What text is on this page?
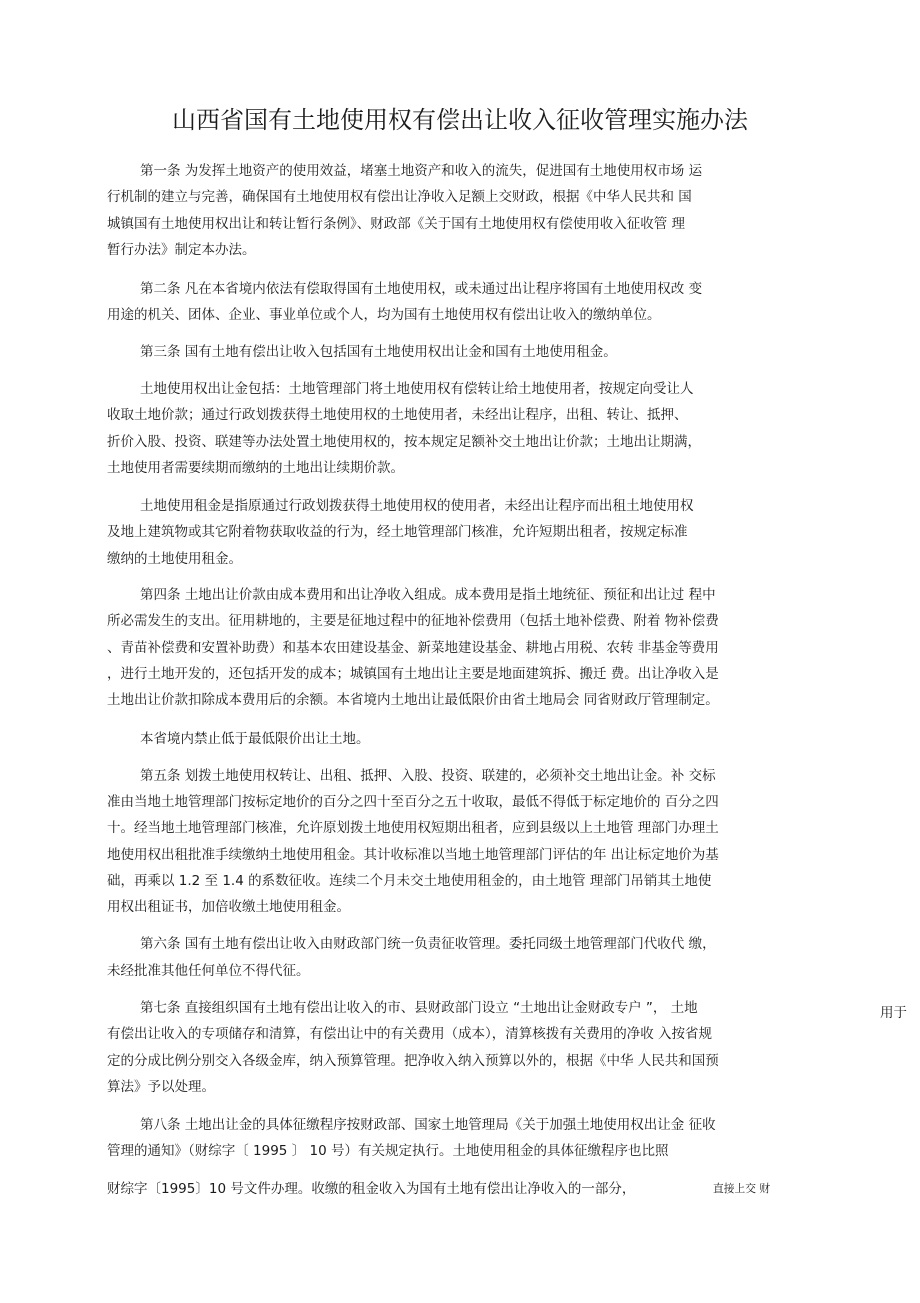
山西省国有土地使用权有偿出让收入征收管理实施办法
第一条 为发挥土地资产的使用效益，堵塞土地资产和收入的流失，促进国有土地使用权市场 运
行机制的建立与完善，确保国有土地使用权有偿出让净收入足额上交财政，根据《中华人民共和 国
城镇国有土地使用权出让和转让暂行条例》、财政部《关于国有土地使用权有偿使用收入征收管 理
暂行办法》制定本办法。
第二条 凡在本省境内依法有偿取得国有土地使用权，或未通过出让程序将国有土地使用权改 变
用途的机关、团体、企业、事业单位或个人，均为国有土地使用权有偿出让收入的缴纳单位。
第三条 国有土地有偿出让收入包括国有土地使用权出让金和国有土地使用租金。
土地使用权出让金包括：土地管理部门将土地使用权有偿转让给土地使用者，按规定向受让人
收取土地价款；通过行政划拨获得土地使用权的土地使用者，未经出让程序，出租、转让、抵押、
折价入股、投资、联建等办法处置土地使用权的，按本规定足额补交土地出让价款；土地出让期满，
土地使用者需要续期而缴纳的土地出让续期价款。
土地使用租金是指原通过行政划拨获得土地使用权的使用者，未经出让程序而出租土地使用权
及地上建筑物或其它附着物获取收益的行为，经土地管理部门核准，允许短期出租者，按规定标准
缴纳的土地使用租金。
第四条 土地出让价款由成本费用和出让净收入组成。成本费用是指土地统征、预征和出让过 程中
所必需发生的支出。征用耕地的，主要是征地过程中的征地补偿费用（包括土地补偿费、附着 物补偿费
、青苗补偿费和安置补助费）和基本农田建设基金、新菜地建设基金、耕地占用税、农转 非基金等费用
，进行土地开发的，还包括开发的成本；城镇国有土地出让主要是地面建筑拆、搬迁 费。出让净收入是
土地出让价款扣除成本费用后的余额。本省境内土地出让最低限价由省土地局会 同省财政厅管理制定。
本省境内禁止低于最低限价出让土地。
第五条 划拨土地使用权转让、出租、抵押、入股、投资、联建的，必须补交土地出让金。补 交标
准由当地土地管理部门按标定地价的百分之四十至百分之五十收取，最低不得低于标定地价的 百分之四
十。经当地土地管理部门核准，允许原划拨土地使用权短期出租者，应到县级以上土地管 理部门办理土
地使用权出租批准手续缴纳土地使用租金。其计收标准以当地土地管理部门评估的年 出让标定地价为基
础，再乘以 1.2 至 1.4 的系数征收。连续二个月未交土地使用租金的，由土地管 理部门吊销其土地使
用权出租证书，加倍收缴土地使用租金。
第六条 国有土地有偿出让收入由财政部门统一负责征收管理。委托同级土地管理部门代收代 缴，
未经批准其他任何单位不得代征。
第七条 直接组织国有土地有偿出让收入的市、县财政部门设立 “土地出让金财政专户 ”， 土地	用于
有偿出让收入的专项储存和清算，有偿出让中的有关费用（成本），清算核拨有关费用的净收 入按省规
定的分成比例分别交入各级金库，纳入预算管理。把净收入纳入预算以外的，根据《中华 人民共和国预
算法》予以处理。
第八条 土地出让金的具体征缴程序按财政部、国家土地管理局《关于加强土地使用权出让金 征收
管理的通知》（财综字〔 1995 〕 10 号）有关规定执行。土地使用租金的具体征缴程序也比照
财综字〔1995〕10 号文件办理。收缴的租金收入为国有土地有偿出让净收入的一部分，	直接上交 财
